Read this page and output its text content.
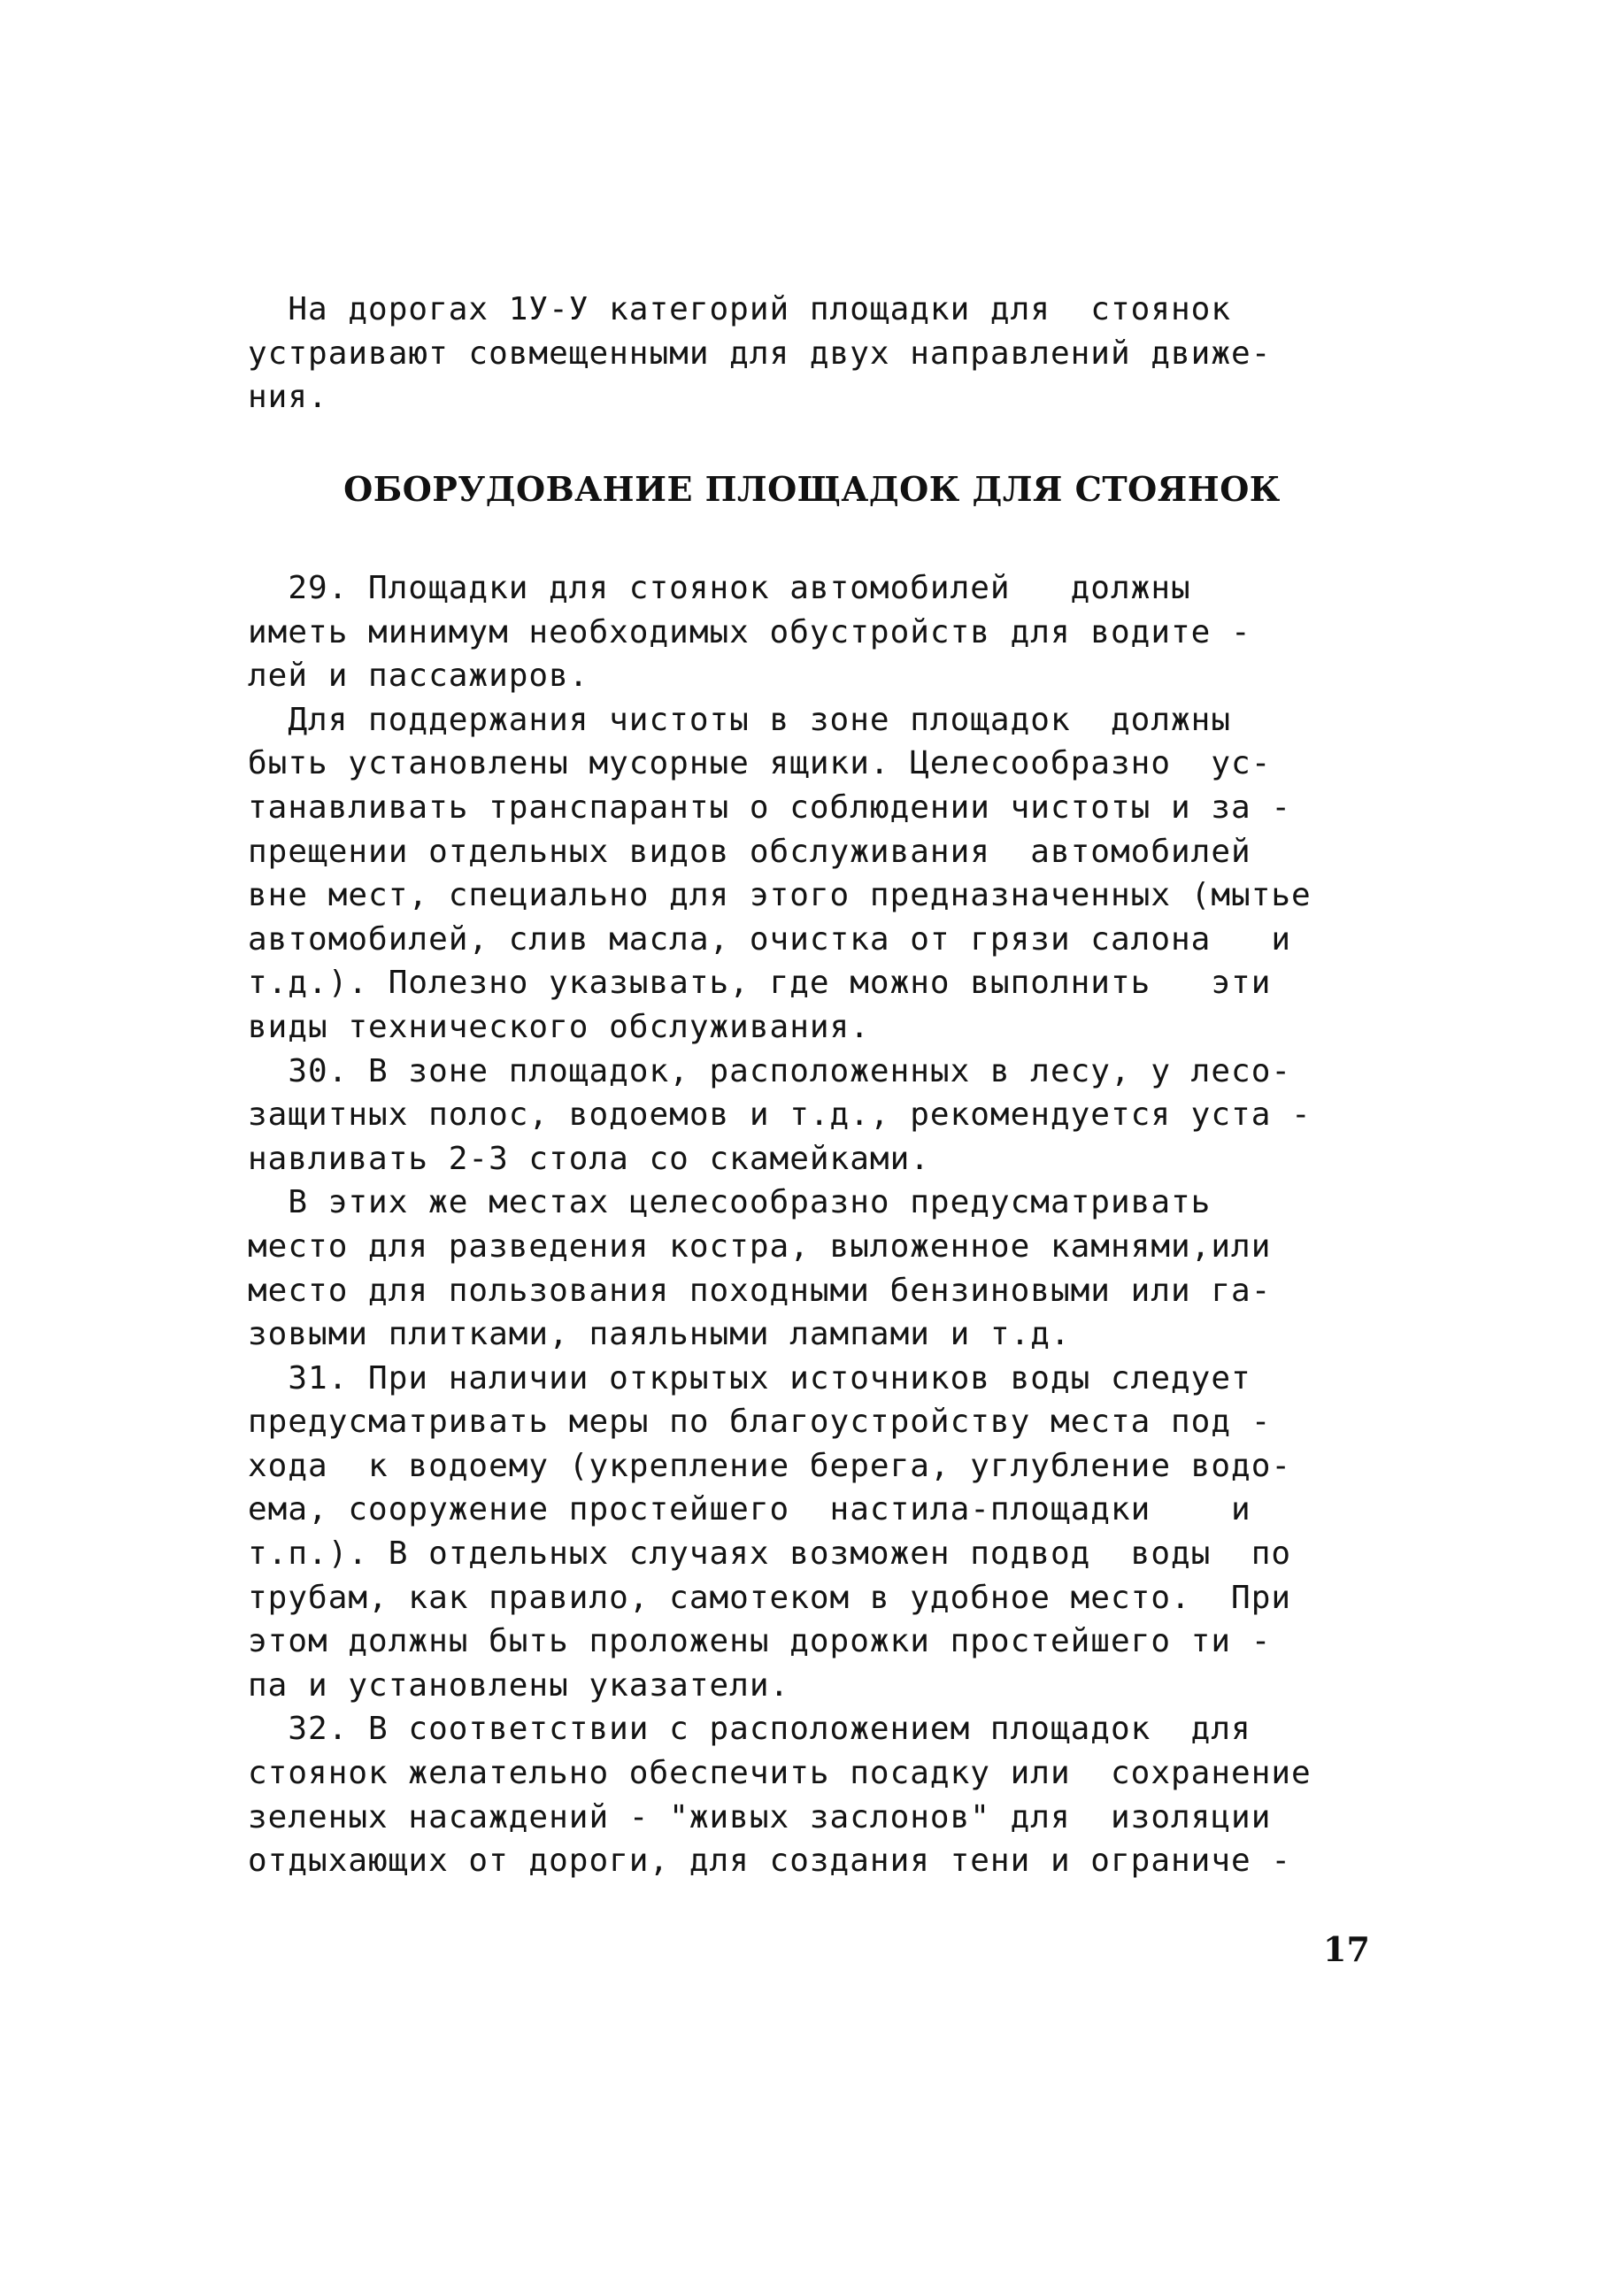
На дорогах 1У-У категорий площадки для  стоянок
устраивают совмещенными для двух направлений движе-
ния.
ОБОРУДОВАНИЕ ПЛОЩАДОК ДЛЯ СТОЯНОК
29. Площадки для стоянок автомобилей   должны
иметь минимум необходимых обустройств для водите -
лей и пассажиров.
Для поддержания чистоты в зоне площадок  должны
быть установлены мусорные ящики. Целесообразно  ус-
танавливать транспаранты о соблюдении чистоты и за -
прещении отдельных видов обслуживания  автомобилей
вне мест, специально для этого предназначенных (мытье
автомобилей, слив масла, очистка от грязи салона   и
т.д.). Полезно указывать, где можно выполнить   эти
виды технического обслуживания.
30. В зоне площадок, расположенных в лесу, у лесо-
защитных полос, водоемов и т.д., рекомендуется уста -
навливать 2-3 стола со скамейками.
В этих же местах целесообразно предусматривать
место для разведения костра, выложенное камнями,или
место для пользования походными бензиновыми или га-
зовыми плитками, паяльными лампами и т.д.
31. При наличии открытых источников воды следует
предусматривать меры по благоустройству места под -
хода  к водоему (укрепление берега, углубление водо-
ема, сооружение простейшего  настила-площадки    и
т.п.). В отдельных случаях возможен подвод  воды  по
трубам, как правило, самотеком в удобное место.  При
этом должны быть проложены дорожки простейшего ти -
па и установлены указатели.
32. В соответствии с расположением площадок  для
стоянок желательно обеспечить посадку или  сохранение
зеленых насаждений - "живых заслонов" для  изоляции
отдыхающих от дороги, для создания тени и ограниче -
17
